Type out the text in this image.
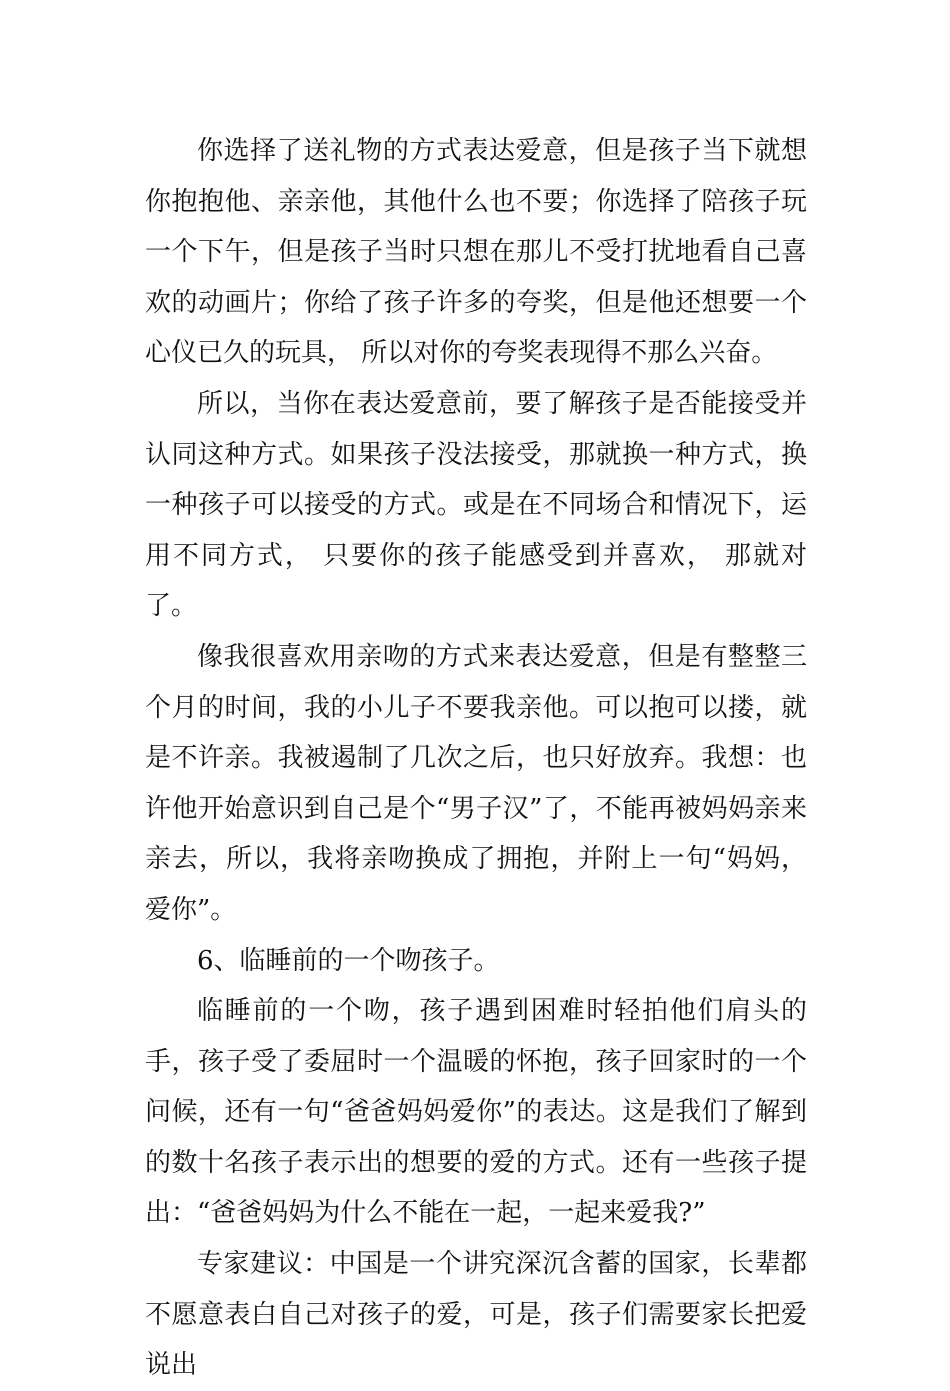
你选择了送礼物的方式表达爱意，但是孩子当下就想你抱抱他、亲亲他，其他什么也不要；你选择了陪孩子玩一个下午，但是孩子当时只想在那儿不受打扰地看自己喜欢的动画片；你给了孩子许多的夸奖，但是他还想要一个心仪已久的玩具， 所以对你的夸奖表现得不那么兴奋。

所以，当你在表达爱意前，要了解孩子是否能接受并认同这种方式。如果孩子没法接受，那就换一种方式，换一种孩子可以接受的方式。或是在不同场合和情况下，运用不同方式， 只要你的孩子能感受到并喜欢， 那就对了。

像我很喜欢用亲吻的方式来表达爱意，但是有整整三个月的时间，我的小儿子不要我亲他。可以抱可以搂，就是不许亲。我被遏制了几次之后，也只好放弃。我想：也许他开始意识到自己是个“男子汉”了，不能再被妈妈亲来亲去，所以，我将亲吻换成了拥抱，并附上一句“妈妈，爱你”。

6、临睡前的一个吻孩子。

临睡前的一个吻，孩子遇到困难时轻拍他们肩头的手，孩子受了委屈时一个温暖的怀抱，孩子回家时的一个问候，还有一句“爸爸妈妈爱你”的表达。这是我们了解到的数十名孩子表示出的想要的爱的方式。还有一些孩子提出：“爸爸妈妈为什么不能在一起，一起来爱我?”

专家建议：中国是一个讲究深沉含蓄的国家，长辈都不愿意表白自己对孩子的爱，可是，孩子们需要家长把爱说出
